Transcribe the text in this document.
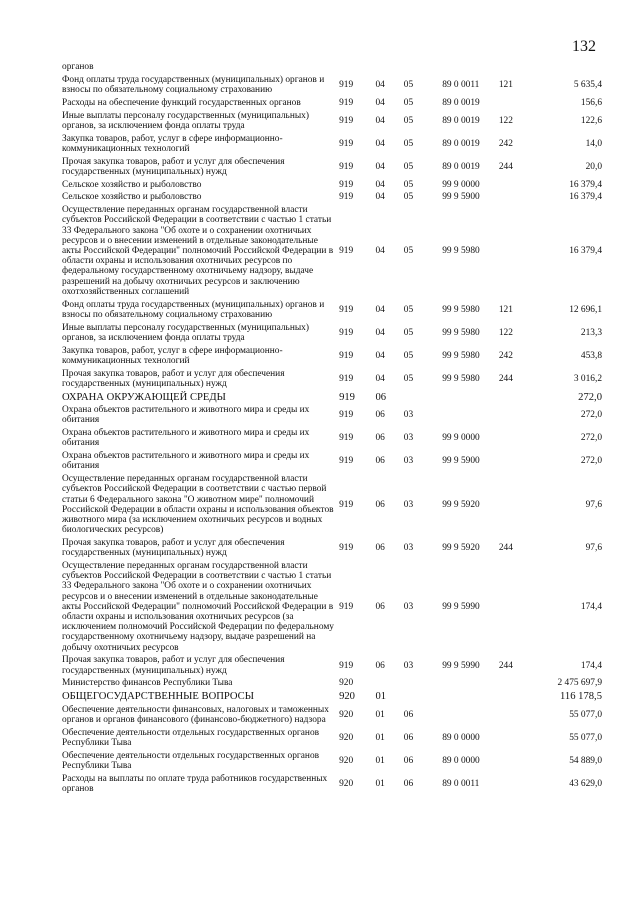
132
органов						
Фонд оплаты труда государственных (муниципальных) органов и взносы по обязательному социальному страхованию	919	04	05	89 0 0011	121	5 635,4
Расходы на обеспечение функций государственных органов	919	04	05	89 0 0019		156,6
Иные выплаты персоналу государственных (муниципальных) органов, за исключением фонда оплаты труда	919	04	05	89 0 0019	122	122,6
Закупка товаров, работ, услуг в сфере информационно-коммуникационных технологий	919	04	05	89 0 0019	242	14,0
Прочая закупка товаров, работ и услуг для обеспечения государственных (муниципальных) нужд	919	04	05	89 0 0019	244	20,0
Сельское хозяйство и рыболовство	919	04	05	99 9 0000		16 379,4
Сельское хозяйство и рыболовство	919	04	05	99 9 5900		16 379,4
Осуществление переданных органам государственной власти субъектов Российской Федерации в соответствии с частью 1 статьи 33 Федерального закона "Об охоте и о сохранении охотничьих ресурсов и о внесении изменений в отдельные законодательные акты Российской Федерации" полномочий Российской Федерации в области охраны и использования охотничьих ресурсов по федеральному государственному охотничьему надзору, выдаче разрешений на добычу охотничьих ресурсов и заключению охотхозяйственных соглашений	919	04	05	99 9 5980		16 379,4
Фонд оплаты труда государственных (муниципальных) органов и взносы по обязательному социальному страхованию	919	04	05	99 9 5980	121	12 696,1
Иные выплаты персоналу государственных (муниципальных) органов, за исключением фонда оплаты труда	919	04	05	99 9 5980	122	213,3
Закупка товаров, работ, услуг в сфере информационно-коммуникационных технологий	919	04	05	99 9 5980	242	453,8
Прочая закупка товаров, работ и услуг для обеспечения государственных (муниципальных) нужд	919	04	05	99 9 5980	244	3 016,2
ОХРАНА ОКРУЖАЮЩЕЙ СРЕДЫ	919	06				272,0
Охрана объектов растительного и животного мира и среды их обитания	919	06	03			272,0
Охрана объектов растительного и животного мира и среды их обитания	919	06	03	99 9 0000		272,0
Охрана объектов растительного и животного мира и среды их обитания	919	06	03	99 9 5900		272,0
Осуществление переданных органам государственной власти субъектов Российской Федерации в соответствии с частью первой статьи 6 Федерального закона "О животном мире" полномочий Российской Федерации в области охраны и использования объектов животного мира (за исключением охотничьих ресурсов и водных биологических ресурсов)	919	06	03	99 9 5920		97,6
Прочая закупка товаров, работ и услуг для обеспечения государственных (муниципальных) нужд	919	06	03	99 9 5920	244	97,6
Осуществление переданных органам государственной власти субъектов Российской Федерации в соответствии с частью 1 статьи 33 Федерального закона "Об охоте и о сохранении охотничьих ресурсов и о внесении изменений в отдельные законодательные акты Российской Федерации" полномочий Российской Федерации в области охраны и использования охотничьих ресурсов (за исключением полномочий Российской Федерации по федеральному государственному охотничьему надзору, выдаче разрешений на добычу охотничьих ресурсов	919	06	03	99 9 5990		174,4
Прочая закупка товаров, работ и услуг для обеспечения государственных (муниципальных) нужд	919	06	03	99 9 5990	244	174,4
Министерство финансов Республики Тыва	920					2 475 697,9
ОБЩЕГОСУДАРСТВЕННЫЕ ВОПРОСЫ	920	01				116 178,5
Обеспечение деятельности финансовых, налоговых и таможенных органов и органов финансового (финансово-бюджетного) надзора	920	01	06			55 077,0
Обеспечение деятельности отдельных государственных органов Республики Тыва	920	01	06	89 0 0000		55 077,0
Обеспечение деятельности отдельных государственных органов Республики Тыва	920	01	06	89 0 0000		54 889,0
Расходы на выплаты по оплате труда работников государственных органов	920	01	06	89 0 0011		43 629,0
